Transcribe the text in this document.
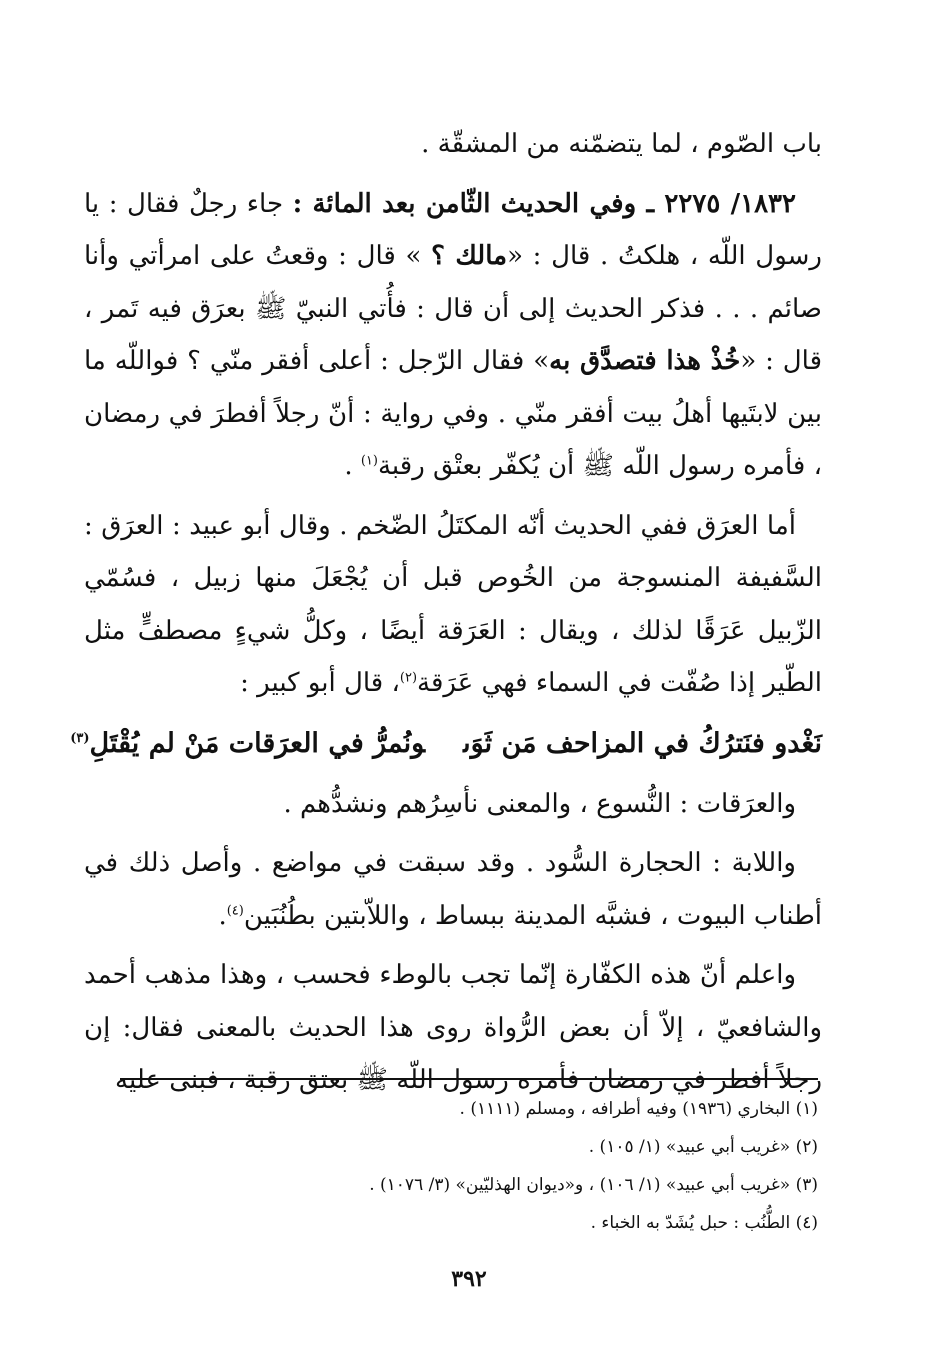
باب الصّوم ، لما يتضمّنه من المشقّة .

١٨٣٢/ ٢٢٧٥ ـ وفي الحديث الثّامن بعد المائة : جاء رجلٌ فقال : يا رسول اللّه ، هلكتُ . قال : «مالك ؟ » قال : وقعتُ على امرأتي وأنا صائم . . . فذكر الحديث إلى أن قال : فأُتي النبيّ ﷺ بعرَق فيه تَمر ، قال : «خُذْ هذا فتصدَّق به» فقال الرّجل : أعلى أفقر منّي ؟ فواللّه ما بين لابتَيها أهلُ بيت أفقر منّي . وفي رواية : أنّ رجلاً أفطرَ في رمضان ، فأمره رسول اللّه ﷺ أن يُكفّر بعتْق رقبة$^{(١)}$ .

أما العرَق ففي الحديث أنّه المكتَلُ الضّخم . وقال أبو عبيد : العرَق : السَّفيفة المنسوجة من الخُوص قبل أن يُجْعَلَ منها زبيل ، فسُمّي الزّبيل عَرَقًا لذلك ، ويقال : العَرَقة أيضًا ، وكلُّ شيءٍ مصطفٍّ مثل الطّير إذا صُفّت في السماء فهي عَرَقة$^{(٢)}$، قال أبو كبير :

نَغْدو فنَترُكُ في المزاحف مَن ثَوَىونُمرُّ في العرَقات مَنْ لم يُقْتَلِ$^{(٣)}$

والعرَقات : النُّسوع ، والمعنى نأسِرُهم ونشدُّهم .

واللابة : الحجارة السُّود . وقد سبقت في مواضع . وأصل ذلك في أطناب البيوت ، فشبَّه المدينة ببساط ، واللاّبتين بطُنُبَين$^{(٤)}$.

واعلم أنّ هذه الكفّارة إنّما تجب بالوطء فحسب ، وهذا مذهب أحمد والشافعيّ ، إلاّ أن بعض الرُّواة روى هذا الحديث بالمعنى فقال: إن رجلاً أفطر في رمضان فأمره رسول اللّه ﷺ بعتق رقبة ، فبنى عليه

(١) البخاري (١٩٣٦) وفيه أطرافه ، ومسلم (١١١١) .
(٢) «غريب أبي عبيد» (١/ ١٠٥) .
(٣) «غريب أبي عبيد» (١/ ١٠٦) ، و«ديوان الهذليّين» (٣/ ١٠٧٦) .
(٤) الطُّنُب : حبل يُشَدّ به الخباء .
٣٩٢
